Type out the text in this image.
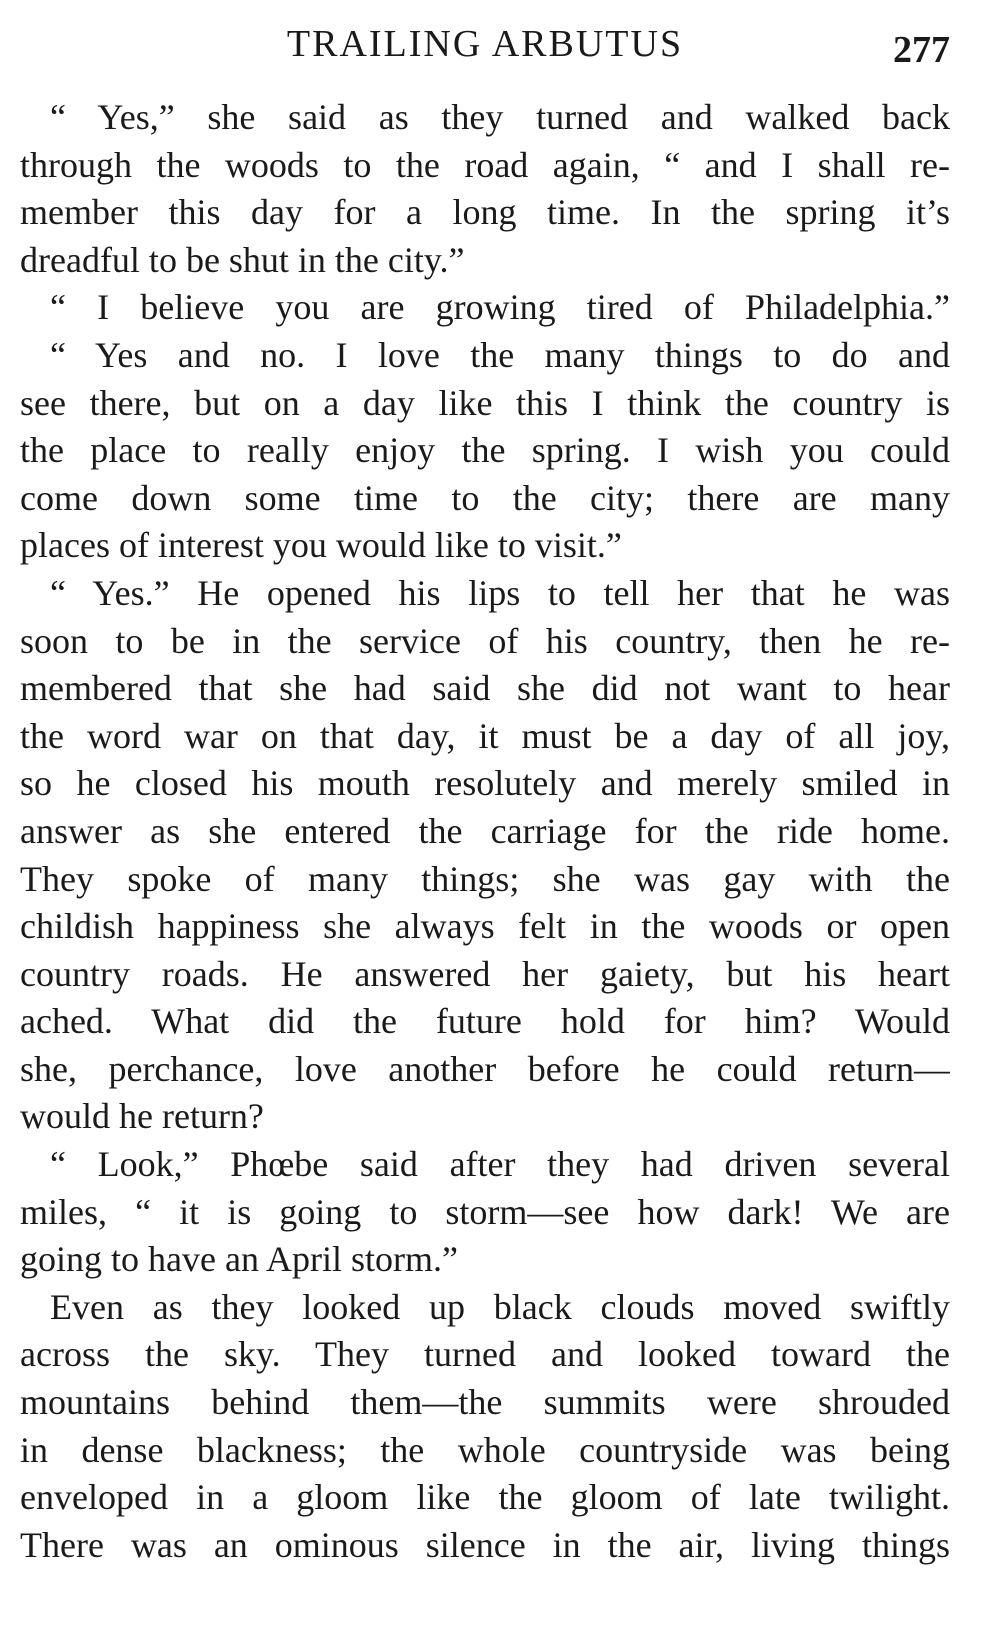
TRAILING ARBUTUS	277
“ Yes,” she said as they turned and walked back
through the woods to the road again, “ and I shall re-
member this day for a long time. In the spring it’s
dreadful to be shut in the city.”
“ I believe you are growing tired of Philadelphia.”
“ Yes and no. I love the many things to do and
see there, but on a day like this I think the country is
the place to really enjoy the spring. I wish you could
come down some time to the city; there are many
places of interest you would like to visit.”
“ Yes.” He opened his lips to tell her that he was
soon to be in the service of his country, then he re-
membered that she had said she did not want to hear
the word war on that day, it must be a day of all joy,
so he closed his mouth resolutely and merely smiled in
answer as she entered the carriage for the ride home.
They spoke of many things; she was gay with the
childish happiness she always felt in the woods or open
country roads. He answered her gaiety, but his heart
ached. What did the future hold for him? Would
she, perchance, love another before he could return—
would he return?
“ Look,” Phœbe said after they had driven several
miles, “ it is going to storm—see how dark! We are
going to have an April storm.”
Even as they looked up black clouds moved swiftly
across the sky. They turned and looked toward the
mountains behind them—the summits were shrouded
in dense blackness; the whole countryside was being
enveloped in a gloom like the gloom of late twilight.
There was an ominous silence in the air, living things
